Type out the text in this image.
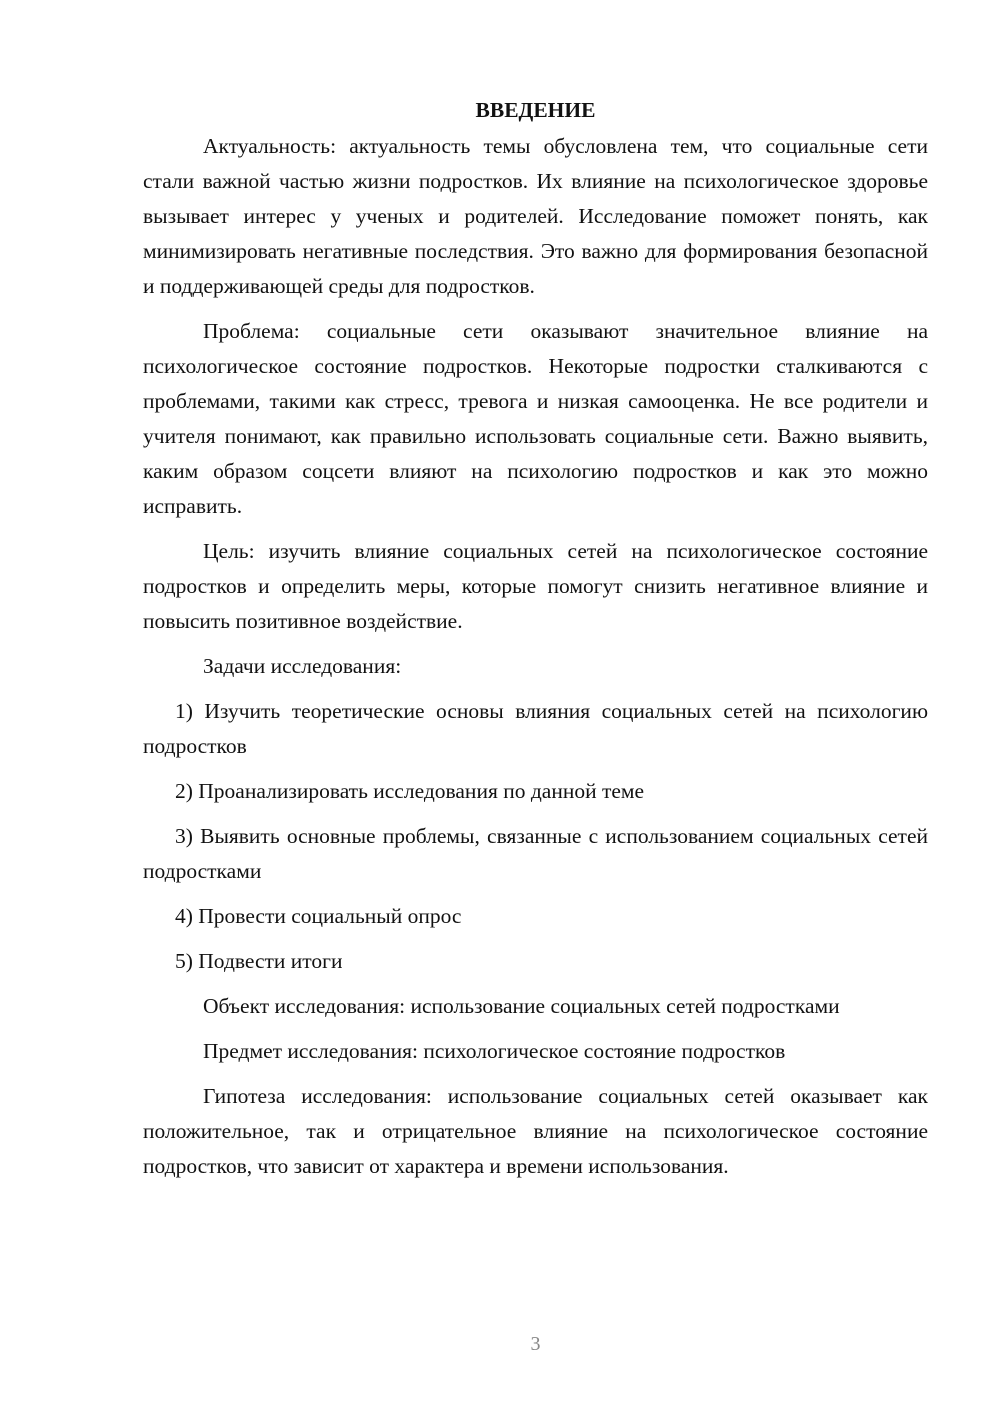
ВВЕДЕНИЕ

Актуальность: актуальность темы обусловлена тем, что социальные сети стали важной частью жизни подростков. Их влияние на психологическое здоровье вызывает интерес у ученых и родителей. Исследование поможет понять, как минимизировать негативные последствия. Это важно для формирования безопасной и поддерживающей среды для подростков.

Проблема: социальные сети оказывают значительное влияние на психологическое состояние подростков. Некоторые подростки сталкиваются с проблемами, такими как стресс, тревога и низкая самооценка. Не все родители и учителя понимают, как правильно использовать социальные сети. Важно выявить, каким образом соцсети влияют на психологию подростков и как это можно исправить.

Цель: изучить влияние социальных сетей на психологическое состояние подростков и определить меры, которые помогут снизить негативное влияние и повысить позитивное воздействие.

Задачи исследования:

1) Изучить теоретические основы влияния социальных сетей на психологию подростков

2) Проанализировать исследования по данной теме

3) Выявить основные проблемы, связанные с использованием социальных сетей подростками

4) Провести социальный опрос

5) Подвести итоги

Объект исследования: использование социальных сетей подростками

Предмет исследования: психологическое состояние подростков

Гипотеза исследования: использование социальных сетей оказывает как положительное, так и отрицательное влияние на психологическое состояние подростков, что зависит от характера и времени использования.

3
